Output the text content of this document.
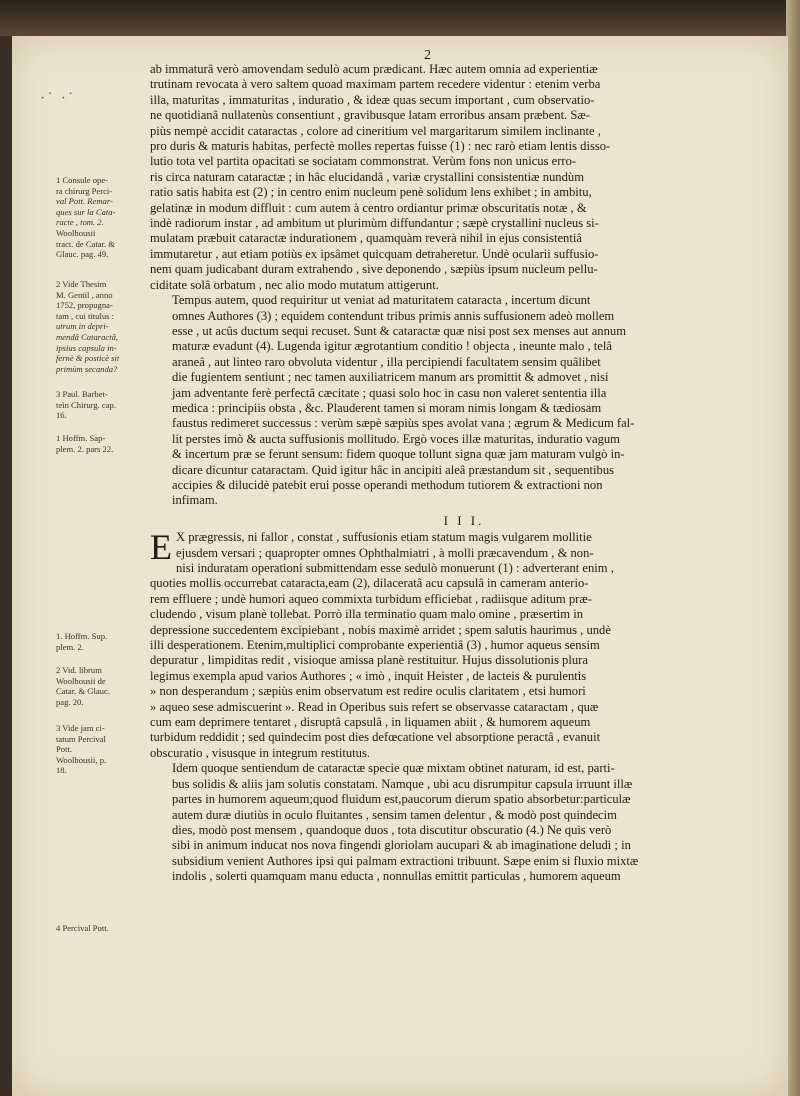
·˙ ·˙
2
1 Consule ope-
ra chirurg Perci-
val Pott. Remar-
ques sur la Cata-
racte , tom. 2.
Woolhousii
tract. de Catar. &
Glauc. pag. 49.
2 Vide Thesim
M. Gentil , anno
1752, propugna-
tam , cui titulus :
utrum in depri-
mendâ Cataractâ,
ipsius capsula in-
fernè & posticè sit
primùm secanda?
3 Paul. Barbet-
tein Chirurg. cap.
16.
1 Hoffm. Sap-
plem. 2. pars 22.
1. Hoffm. Sup.
plem. 2.
2 Vid. librum
Woolhousii de
Catar. & Glauc.
pag. 20.
3 Vide jam ci-
tatum Percival
Pott.
Woolhousii, p.
18.
4 Percival Pott.

ab immaturâ verò amovendam sedulò acum prædicant. Hæc autem omnia ad experientiæ
trutinam revocata à vero saltem quoad maximam partem recedere videntur : etenim verba
illa, maturitas , immaturitas , induratio , & ideæ quas secum important , cum observatio-
ne quotidianâ nullatenùs consentiunt , gravibusque latam erroribus ansam præbent. Sæ-
piùs nempè accidit cataractas , colore ad cineritium vel margaritarum similem inclinante ,
pro duris & maturis habitas, perfectè molles repertas fuisse (1) : nec rarò etiam lentis disso-
lutio tota vel partita opacitati se sociatam commonstrat. Verùm fons non unicus erro-
ris circa naturam cataractæ ; in hâc elucidandâ , variæ crystallini consistentiæ nundùm
ratio satis habita est (2) ; in centro enim nucleum penè solidum lens exhibet ; in ambitu,
gelatinæ in modum diffluit : cum autem à centro ordiantur primæ obscuritatis notæ , &
indè radiorum instar , ad ambitum ut plurimùm diffundantur ; sæpè crystallini nucleus si-
mulatam præbuit cataractæ indurationem , quamquàm reverà nihil in ejus consistentiâ
immutaretur , aut etiam potiùs ex ipsâmet quicquam detraheretur. Undè ocularii suffusio-
nem quam judicabant duram extrahendo , sive deponendo , sæpiùs ipsum nucleum pellu-
ciditate solâ orbatum , nec alio modo mutatum attigerunt.

Tempus autem, quod requiritur ut veniat ad maturitatem cataracta , incertum dicunt
omnes Authores (3) ; equidem contendunt tribus primis annis suffusionem adeò mollem
esse , ut acûs ductum sequi recuset. Sunt & cataractæ quæ nisi post sex menses aut annum
maturæ evadunt (4). Lugenda igitur ægrotantium conditio ! objecta , ineunte malo , telâ
araneâ , aut linteo raro obvoluta videntur , illa percipiendi facultatem sensim quâlibet
die fugientem sentiunt ; nec tamen auxiliatricem manum ars promittit & admovet , nisi
jam adventante ferè perfectâ cæcitate ; quasi solo hoc in casu non valeret sententia illa
medica : principiis obsta , &c. Plauderent tamen si moram nimis longam & tædiosam
faustus redimeret successus : verùm sæpè sæpiùs spes avolat vana ; ægrum & Medicum fal-
lit perstes imò & aucta suffusionis mollitudo. Ergò voces illæ maturitas, induratio vagum
& incertum præ se ferunt sensum: fidem quoque tollunt signa quæ jam maturam vulgò in-
dicare dicuntur cataractam. Quid igitur hâc in ancipiti aleâ præstandum sit , sequentibus
accipies & dilucidè patebit erui posse operandi methodum tutiorem & extractioni non
infimam.

I I I.

E X prægressis, ni fallor , constat , suffusionis etiam statum magis vulgarem mollitie
ejusdem versari ; quapropter omnes Ophthalmiatri , à molli præcavendum , & non-
nisi induratam operationi submittendam esse sedulò monuerunt (1) : adverterant enim ,
quoties mollis occurrebat cataracta,eam (2), dilaceratâ acu capsulâ in cameram anterio-
rem effluere ; undè humori aqueo commixta turbidum efficiebat , radiisque aditum præ-
cludendo , visum planè tollebat. Porrò illa terminatio quam malo omine , præsertim in
depressione succedentem excipiebant , nobis maximè arridet ; spem salutis haurimus , undè
illi desperationem. Etenim,multiplici comprobante experientiâ (3) , humor aqueus sensim
depuratur , limpiditas redit , visioque amissa planè restituitur. Hujus dissolutionis plura
legimus exempla apud varios Authores ; « imò , inquit Heister , de lacteis & purulentis
» non desperandum ; sæpiùs enim observatum est redire oculis claritatem , etsi humori
» aqueo sese admiscuerint ». Read in Operibus suis refert se observasse cataractam , quæ
cum eam deprimere tentaret , disruptâ capsulâ , in liquamen abiit , & humorem aqueum
turbidum reddidit ; sed quindecim post dies defœcatione vel absorptione peractâ , evanuit
obscuratio , visusque in integrum restitutus.

Idem quoque sentiendum de cataractæ specie quæ mixtam obtinet naturam, id est, parti-
bus solidis & aliis jam solutis constatam. Namque , ubi acu disrumpitur capsula irruunt illæ
partes in humorem aqueum;quod fluidum est,paucorum dierum spatio absorbetur:particulæ
autem duræ diutiùs in oculo fluitantes , sensim tamen delentur , & modò post quindecim
dies, modò post mensem , quandoque duos , tota discutitur obscuratio (4.) Ne quis verò
sibi in animum inducat nos nova fingendi gloriolam aucupari & ab imaginatione deludi ; in
subsidium venient Authores ipsi qui palmam extractioni tribuunt. Sæpe enim si fluxio mixtæ
indolis , solerti quamquam manu educta , nonnullas emittit particulas , humorem aqueum
